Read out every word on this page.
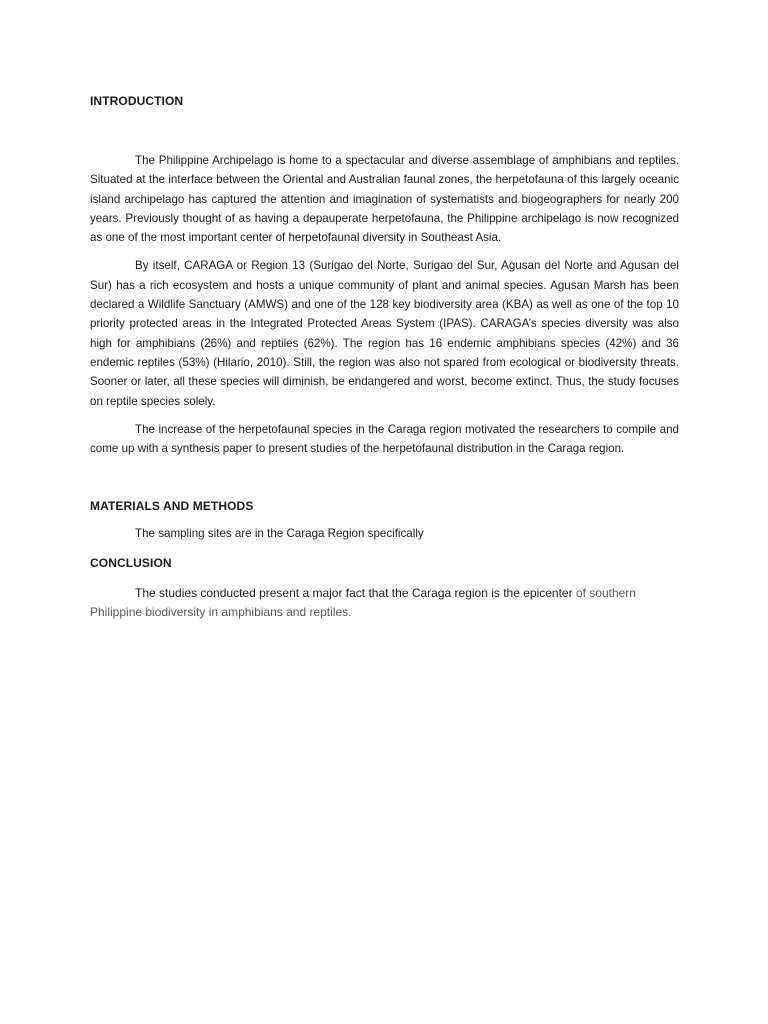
INTRODUCTION

The Philippine Archipelago is home to a spectacular and diverse assemblage of amphibians and reptiles. Situated at the interface between the Oriental and Australian faunal zones, the herpetofauna of this largely oceanic island archipelago has captured the attention and imagination of systematists and biogeographers for nearly 200 years. Previously thought of as having a depauperate herpetofauna, the Philippine archipelago is now recognized as one of the most important center of herpetofaunal diversity in Southeast Asia.

By itself, CARAGA or Region 13 (Surigao del Norte, Surigao del Sur, Agusan del Norte and Agusan del Sur) has a rich ecosystem and hosts a unique community of plant and animal species. Agusan Marsh has been declared a Wildlife Sanctuary (AMWS) and one of the 128 key biodiversity area (KBA) as well as one of the top 10 priority protected areas in the Integrated Protected Areas System (IPAS). CARAGA’s species diversity was also high for amphibians (26%) and reptiles (62%). The region has 16 endemic amphibians species (42%) and 36 endemic reptiles (53%) (Hilario, 2010). Still, the region was also not spared from ecological or biodiversity threats. Sooner or later, all these species will diminish, be endangered and worst, become extinct. Thus, the study focuses on reptile species solely.

The increase of the herpetofaunal species in the Caraga region motivated the researchers to compile and come up with a synthesis paper to present studies of the herpetofaunal distribution in the Caraga region.

MATERIALS AND METHODS

The sampling sites are in the Caraga Region specifically

CONCLUSION

The studies conducted present a major fact that the Caraga region is the epicenter of southern Philippine biodiversity in amphibians and reptiles.
